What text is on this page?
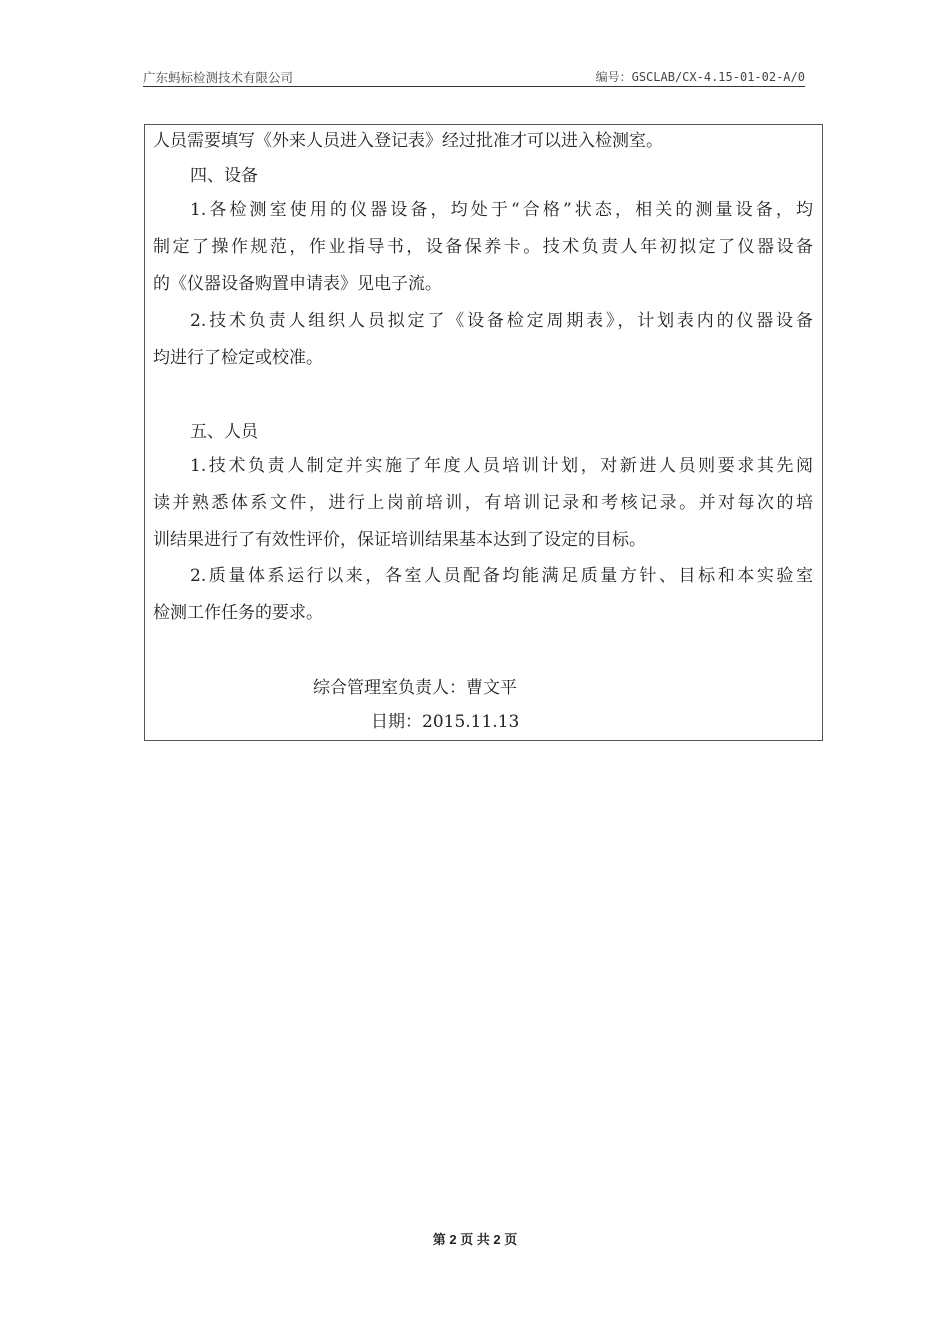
广东蚂标检测技术有限公司	编号：GSCLAB/CX-4.15-01-02-A/0
人员需要填写《外来人员进入登记表》经过批准才可以进入检测室。
四、设备
1.各检测室使用的仪器设备，均处于“合格”状态，相关的测量设备，均
制定了操作规范，作业指导书，设备保养卡。技术负责人年初拟定了仪器设备
的《仪器设备购置申请表》见电子流。
2.技术负责人组织人员拟定了《设备检定周期表》，计划表内的仪器设备
均进行了检定或校准。
五、人员
1.技术负责人制定并实施了年度人员培训计划，对新进人员则要求其先阅
读并熟悉体系文件，进行上岗前培训，有培训记录和考核记录。并对每次的培
训结果进行了有效性评价，保证培训结果基本达到了设定的目标。
2.质量体系运行以来，各室人员配备均能满足质量方针、目标和本实验室
检测工作任务的要求。
综合管理室负责人：曹文平
日期：2015.11.13
第 2 页 共 2 页
